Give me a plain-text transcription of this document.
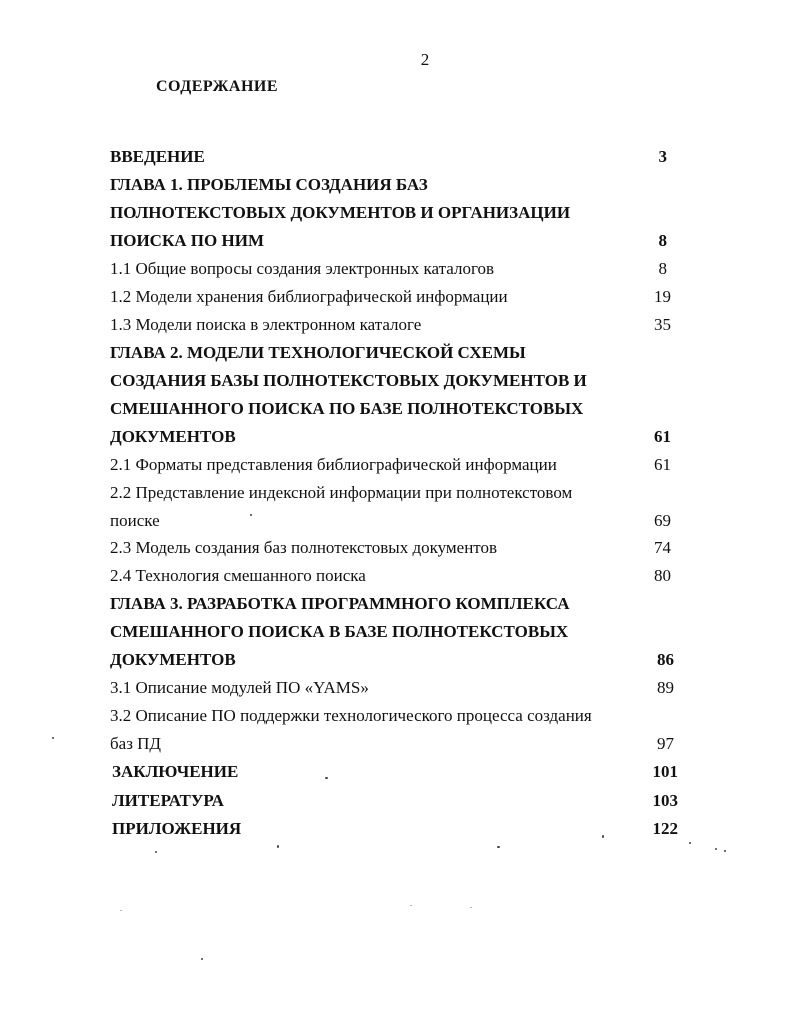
2
СОДЕРЖАНИЕ
ВВЕДЕНИЕ	3
ГЛАВА 1. ПРОБЛЕМЫ СОЗДАНИЯ БАЗ
ПОЛНОТЕКСТОВЫХ ДОКУМЕНТОВ И ОРГАНИЗАЦИИ
ПОИСКА ПО НИМ	8
1.1 Общие вопросы создания электронных каталогов	8
1.2 Модели хранения библиографической информации	19
1.3 Модели поиска в электронном каталоге	35
ГЛАВА 2. МОДЕЛИ ТЕХНОЛОГИЧЕСКОЙ СХЕМЫ
СОЗДАНИЯ БАЗЫ ПОЛНОТЕКСТОВЫХ ДОКУМЕНТОВ И
СМЕШАННОГО ПОИСКА ПО БАЗЕ ПОЛНОТЕКСТОВЫХ
ДОКУМЕНТОВ	61
2.1 Форматы представления библиографической информации	61
2.2 Представление индексной информации при полнотекстовом
поиске	69
2.3 Модель создания баз полнотекстовых документов	74
2.4 Технология смешанного поиска	80
ГЛАВА 3. РАЗРАБОТКА ПРОГРАММНОГО КОМПЛЕКСА
СМЕШАННОГО ПОИСКА В БАЗЕ ПОЛНОТЕКСТОВЫХ
ДОКУМЕНТОВ	86
3.1 Описание модулей ПО «YAMS»	89
3.2 Описание ПО поддержки технологического процесса создания
баз ПД	97
ЗАКЛЮЧЕНИЕ	101
ЛИТЕРАТУРА	103
ПРИЛОЖЕНИЯ	122
